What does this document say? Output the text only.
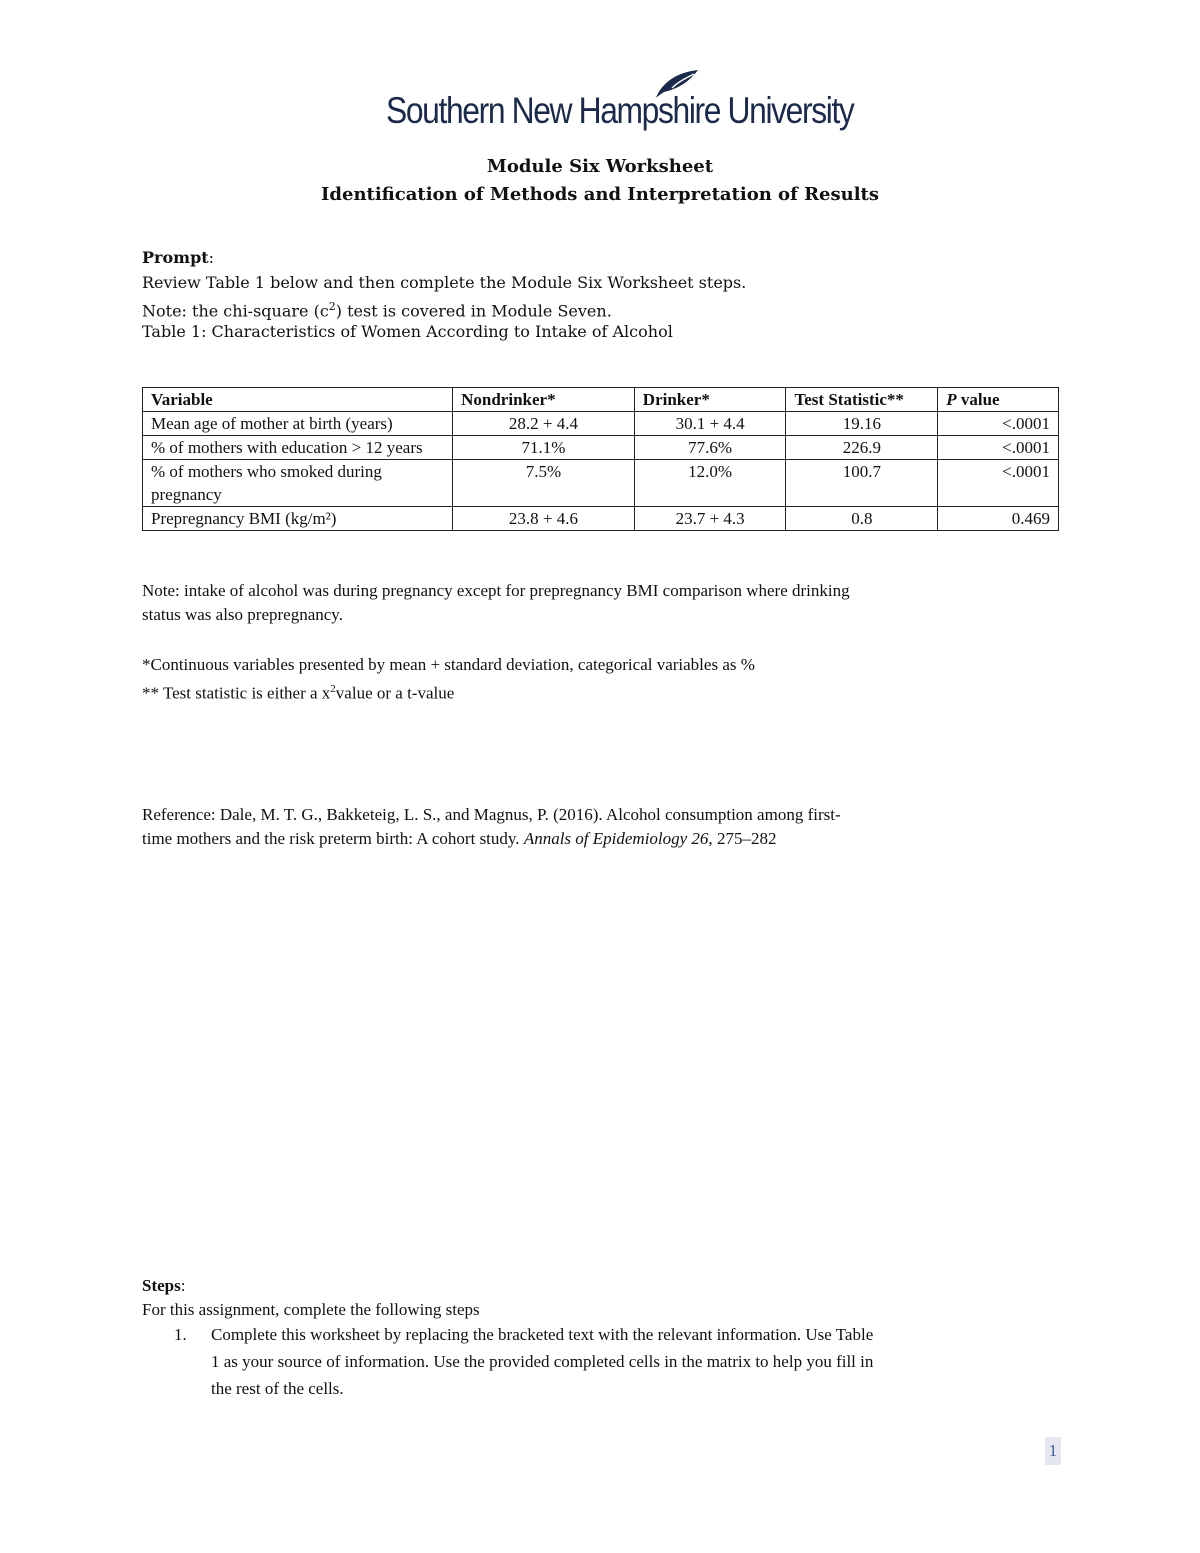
Southern New Hampshire University
Module Six Worksheet
Identification of Methods and Interpretation of Results
Prompt:
Review Table 1 below and then complete the Module Six Worksheet steps.
Note: the chi-square $(c^2)$ test is covered in Module Seven.
Table 1: Characteristics of Women According to Intake of Alcohol
Variable	Nondrinker*	Drinker*	Test Statistic**	P value
Mean age of mother at birth (years)	28.2 + 4.4	30.1 + 4.4	19.16	<.0001
% of mothers with education > 12 years	71.1%	77.6%	226.9	<.0001
% of mothers who smoked during pregnancy	7.5%	12.0%	100.7	<.0001
Prepregnancy BMI (kg/m²)	23.8 + 4.6	23.7 + 4.3	0.8	0.469
Note: intake of alcohol was during pregnancy except for prepregnancy BMI comparison where drinking
status was also prepregnancy.
*Continuous variables presented by mean + standard deviation, categorical variables as %
** Test statistic is either a $x^2value$ or a t-value
Reference: Dale, M. T. G., Bakketeig, L. S., and Magnus, P. (2016). Alcohol consumption among first-
time mothers and the risk preterm birth: A cohort study. Annals of Epidemiology 26, 275–282
Steps:
For this assignment, complete the following steps
1. Complete this worksheet by replacing the bracketed text with the relevant information. Use Table
1 as your source of information. Use the provided completed cells in the matrix to help you fill in
the rest of the cells.
1
